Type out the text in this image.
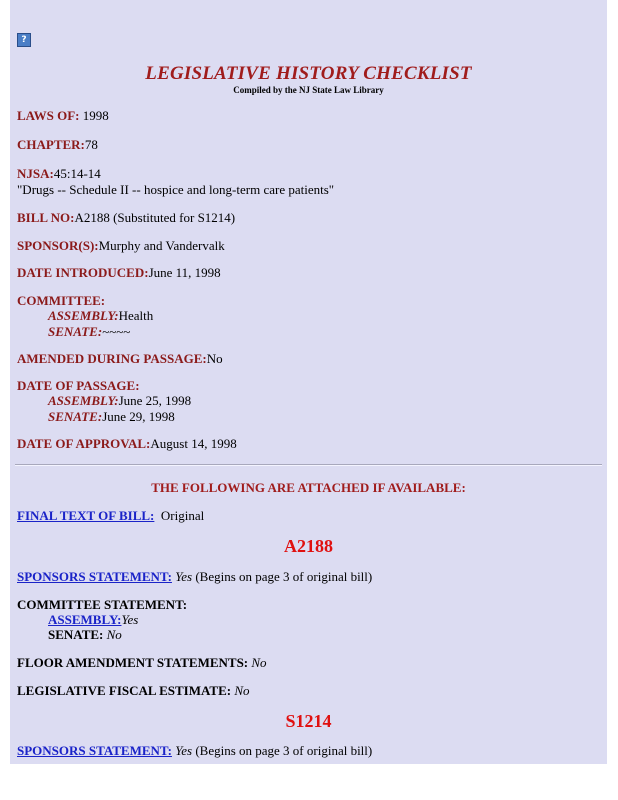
?
LEGISLATIVE HISTORY CHECKLIST
Compiled by the NJ State Law Library
LAWS OF: 1998
CHAPTER:78
NJSA:45:14-14
"Drugs -- Schedule II -- hospice and long-term care patients"
BILL NO:A2188 (Substituted for S1214)
SPONSOR(S):Murphy and Vandervalk
DATE INTRODUCED:June 11, 1998
COMMITTEE:
ASSEMBLY:Health
SENATE:~~~~
AMENDED DURING PASSAGE:No
DATE OF PASSAGE:
ASSEMBLY:June 25, 1998
SENATE:June 29, 1998
DATE OF APPROVAL:August 14, 1998
THE FOLLOWING ARE ATTACHED IF AVAILABLE:
FINAL TEXT OF BILL: Original
A2188
SPONSORS STATEMENT: Yes (Begins on page 3 of original bill)
COMMITTEE STATEMENT:
ASSEMBLY:Yes
SENATE: No
FLOOR AMENDMENT STATEMENTS: No
LEGISLATIVE FISCAL ESTIMATE: No
S1214
SPONSORS STATEMENT: Yes (Begins on page 3 of original bill)
